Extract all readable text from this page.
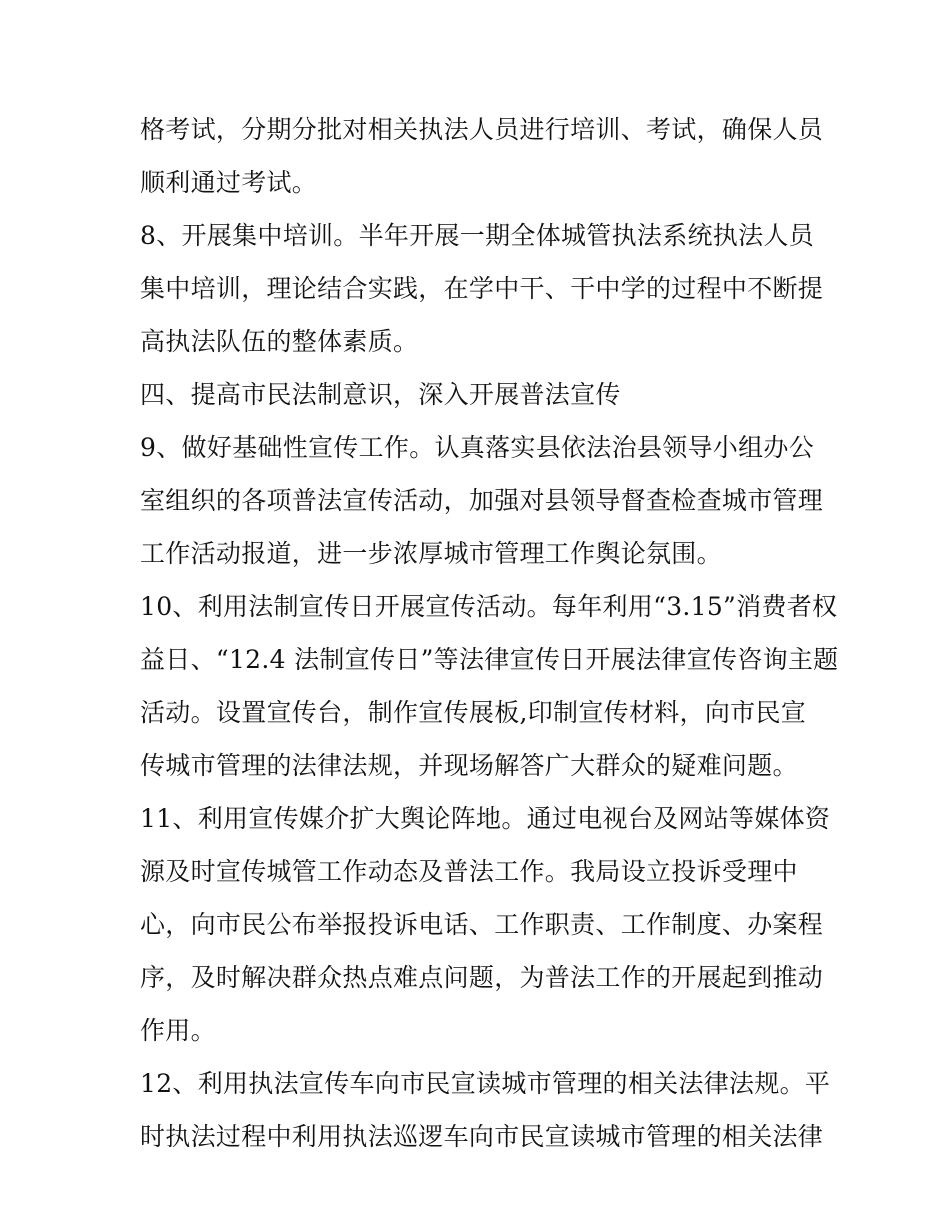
格考试，分期分批对相关执法人员进行培训、考试，确保人员
顺利通过考试。
8、开展集中培训。半年开展一期全体城管执法系统执法人员
集中培训，理论结合实践，在学中干、干中学的过程中不断提
高执法队伍的整体素质。
四、提高市民法制意识，深入开展普法宣传
9、做好基础性宣传工作。认真落实县依法治县领导小组办公
室组织的各项普法宣传活动，加强对县领导督查检查城市管理
工作活动报道，进一步浓厚城市管理工作舆论氛围。
10、利用法制宣传日开展宣传活动。每年利用“3.15”消费者权
益日、“12.4 法制宣传日”等法律宣传日开展法律宣传咨询主题
活动。设置宣传台，制作宣传展板,印制宣传材料，向市民宣
传城市管理的法律法规，并现场解答广大群众的疑难问题。
11、利用宣传媒介扩大舆论阵地。通过电视台及网站等媒体资
源及时宣传城管工作动态及普法工作。我局设立投诉受理中
心，向市民公布举报投诉电话、工作职责、工作制度、办案程
序，及时解决群众热点难点问题，为普法工作的开展起到推动
作用。
12、利用执法宣传车向市民宣读城市管理的相关法律法规。平
时执法过程中利用执法巡逻车向市民宣读城市管理的相关法律
